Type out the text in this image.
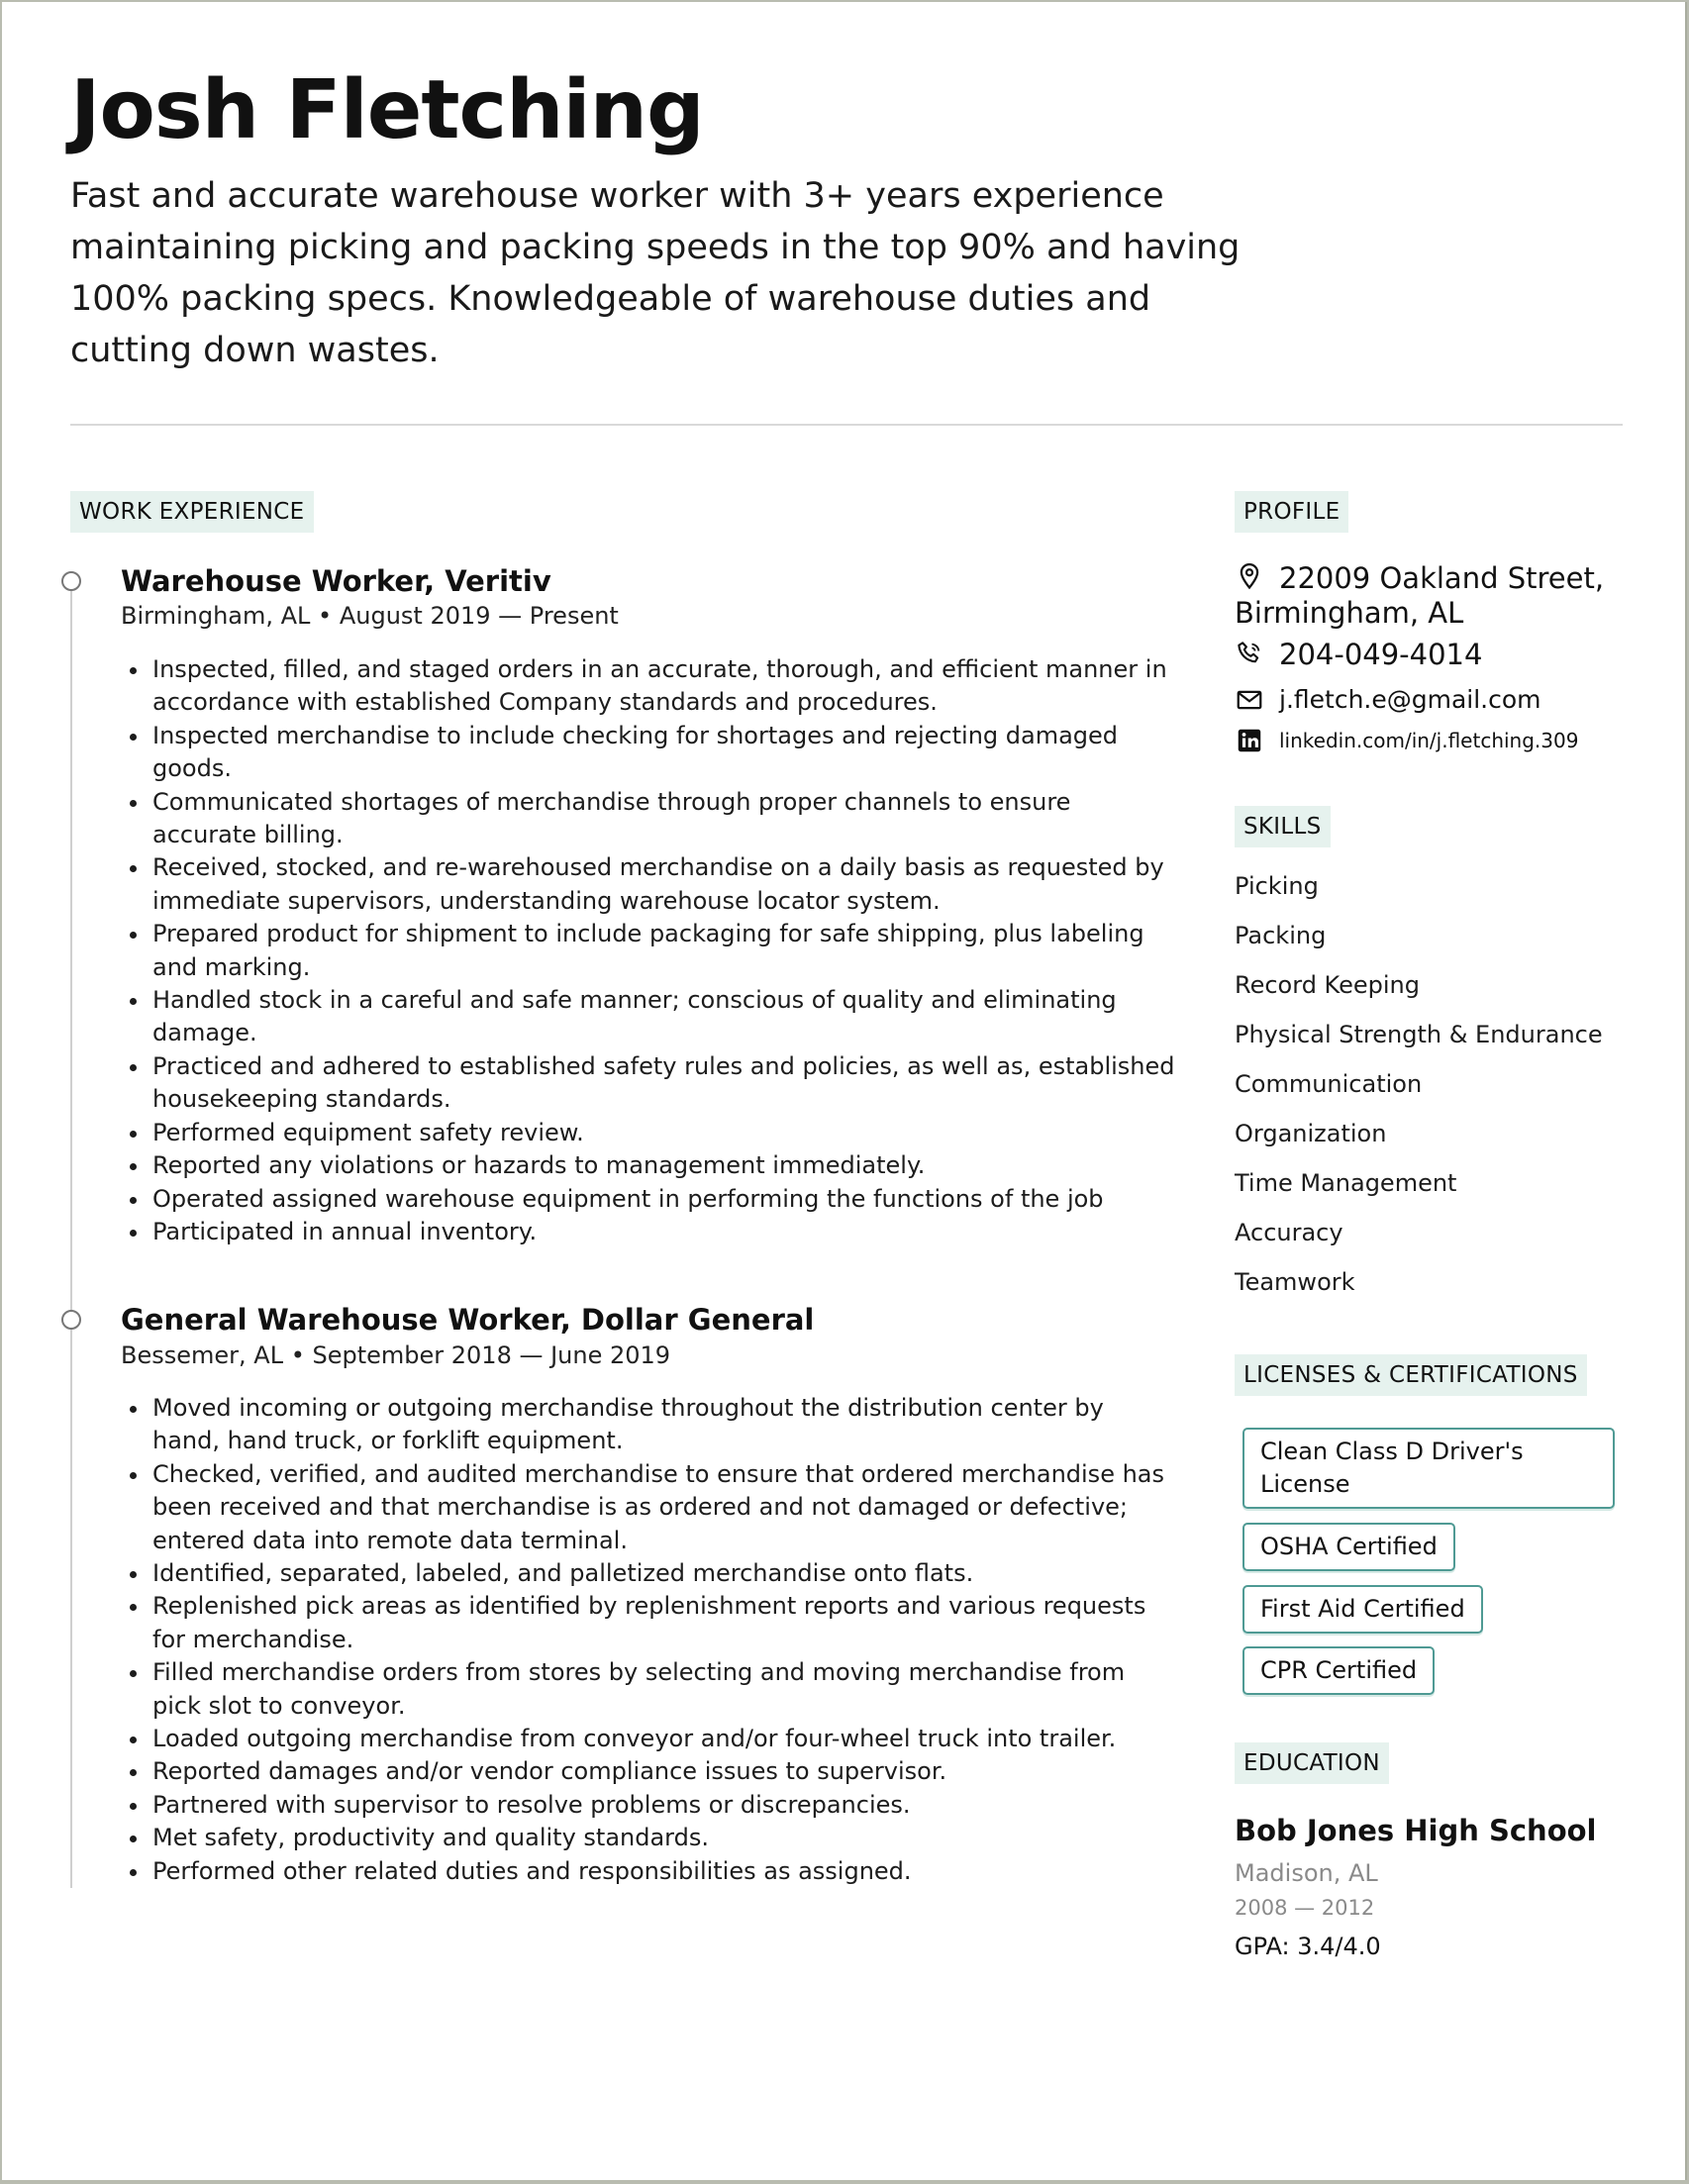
Josh Fletching

Fast and accurate warehouse worker with 3+ years experience maintaining picking and packing speeds in the top 90% and having 100% packing specs. Knowledgeable of warehouse duties and cutting down wastes.

WORK EXPERIENCE
Warehouse Worker, Veritiv
Birmingham, AL • August 2019 — Present
• Inspected, filled, and staged orders in an accurate, thorough, and efficient manner in accordance with established Company standards and procedures.
• Inspected merchandise to include checking for shortages and rejecting damaged goods.
• Communicated shortages of merchandise through proper channels to ensure accurate billing.
• Received, stocked, and re-warehoused merchandise on a daily basis as requested by immediate supervisors, understanding warehouse locator system.
• Prepared product for shipment to include packaging for safe shipping, plus labeling and marking.
• Handled stock in a careful and safe manner; conscious of quality and eliminating damage.
• Practiced and adhered to established safety rules and policies, as well as, established housekeeping standards.
• Performed equipment safety review.
• Reported any violations or hazards to management immediately.
• Operated assigned warehouse equipment in performing the functions of the job
• Participated in annual inventory.
General Warehouse Worker, Dollar General
Bessemer, AL • September 2018 — June 2019
• Moved incoming or outgoing merchandise throughout the distribution center by hand, hand truck, or forklift equipment.
• Checked, verified, and audited merchandise to ensure that ordered merchandise has been received and that merchandise is as ordered and not damaged or defective; entered data into remote data terminal.
• Identified, separated, labeled, and palletized merchandise onto flats.
• Replenished pick areas as identified by replenishment reports and various requests for merchandise.
• Filled merchandise orders from stores by selecting and moving merchandise from pick slot to conveyor.
• Loaded outgoing merchandise from conveyor and/or four-wheel truck into trailer.
• Reported damages and/or vendor compliance issues to supervisor.
• Partnered with supervisor to resolve problems or discrepancies.
• Met safety, productivity and quality standards.
• Performed other related duties and responsibilities as assigned.
PROFILE
22009 Oakland Street, Birmingham, AL
204-049-4014
j.fletch.e@gmail.com
linkedin.com/in/j.fletching.309
SKILLS
Picking
Packing
Record Keeping
Physical Strength & Endurance
Communication
Organization
Time Management
Accuracy
Teamwork
LICENSES & CERTIFICATIONS
Clean Class D Driver's License
OSHA Certified
First Aid Certified
CPR Certified
EDUCATION
Bob Jones High School
Madison, AL
2008 — 2012
GPA: 3.4/4.0
